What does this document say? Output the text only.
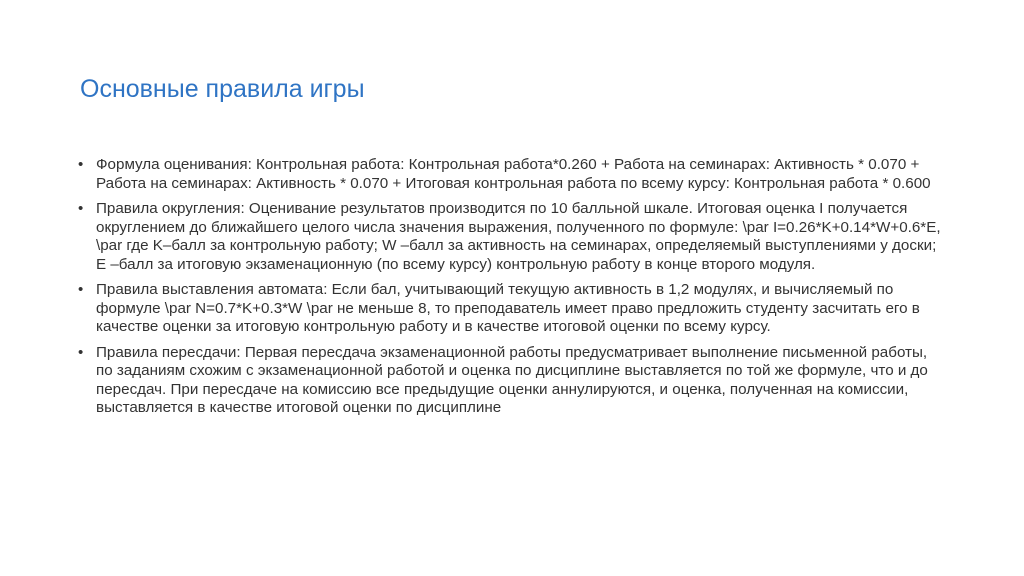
Основные правила игры
• Формула оценивания: Контрольная работа: Контрольная работа*0.260 + Работа на семинарах: Активность * 0.070 + Работа на семинарах: Активность * 0.070 + Итоговая контрольная работа по всему курсу: Контрольная работа * 0.600
• Правила округления: Оценивание результатов производится по 10 балльной шкале. Итоговая оценка I получается округлением до ближайшего целого числа значения выражения, полученного по формуле: \par I=0.26*K+0.14*W+0.6*E, \par где K–балл за контрольную работу; W –балл за активность на семинарах, определяемый выступлениями у доски; E –балл за итоговую экзаменационную (по всему курсу) контрольную работу в конце второго модуля.
• Правила выставления автомата: Если бал, учитывающий текущую активность в 1,2 модулях, и вычисляемый по формуле \par N=0.7*K+0.3*W \par не меньше 8, то преподаватель имеет право предложить студенту засчитать его в качестве оценки за итоговую контрольную работу и в качестве итоговой оценки по всему курсу.
• Правила пересдачи: Первая пересдача экзаменационной работы предусматривает выполнение письменной работы, по заданиям схожим с экзаменационной работой и оценка по дисциплине выставляется по той же формуле, что и до пересдач. При пересдаче на комиссию все предыдущие оценки аннулируются, и оценка, полученная на комиссии, выставляется в качестве итоговой оценки по дисциплине
